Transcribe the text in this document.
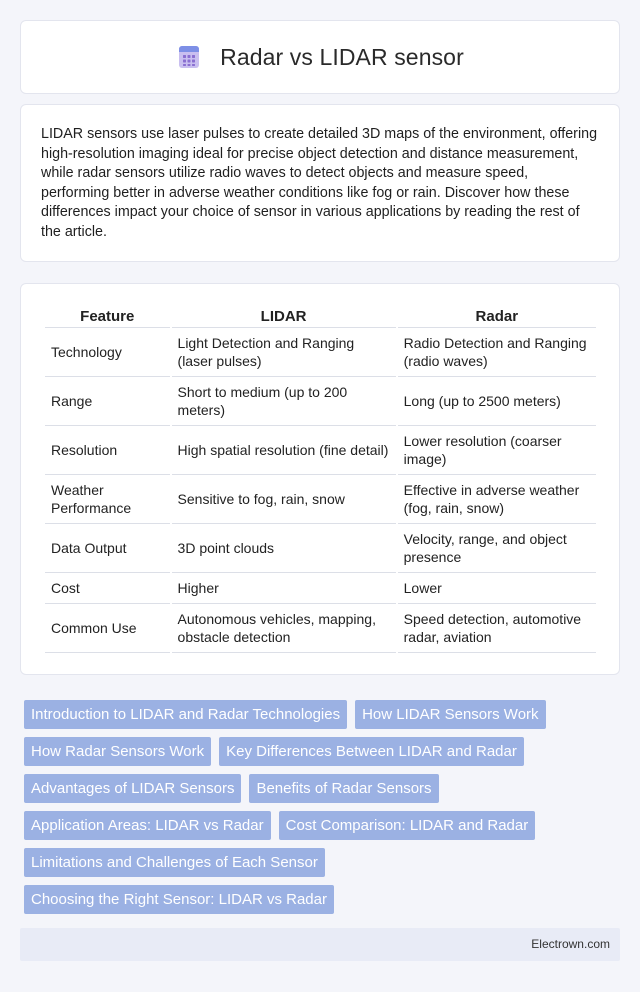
Radar vs LIDAR sensor

LIDAR sensors use laser pulses to create detailed 3D maps of the environment, offering high-resolution imaging ideal for precise object detection and distance measurement, while radar sensors utilize radio waves to detect objects and measure speed, performing better in adverse weather conditions like fog or rain. Discover how these differences impact your choice of sensor in various applications by reading the rest of the article.

Feature	LIDAR	Radar
Technology	Light Detection and Ranging (laser pulses)	Radio Detection and Ranging (radio waves)
Range	Short to medium (up to 200 meters)	Long (up to 2500 meters)
Resolution	High spatial resolution (fine detail)	Lower resolution (coarser image)
Weather Performance	Sensitive to fog, rain, snow	Effective in adverse weather (fog, rain, snow)
Data Output	3D point clouds	Velocity, range, and object presence
Cost	Higher	Lower
Common Use	Autonomous vehicles, mapping, obstacle detection	Speed detection, automotive radar, aviation
Introduction to LIDAR and Radar Technologies	How LIDAR Sensors Work
How Radar Sensors Work	Key Differences Between LIDAR and Radar
Advantages of LIDAR Sensors	Benefits of Radar Sensors
Application Areas: LIDAR vs Radar	Cost Comparison: LIDAR and Radar
Limitations and Challenges of Each Sensor
Choosing the Right Sensor: LIDAR vs Radar
Electrown.com
